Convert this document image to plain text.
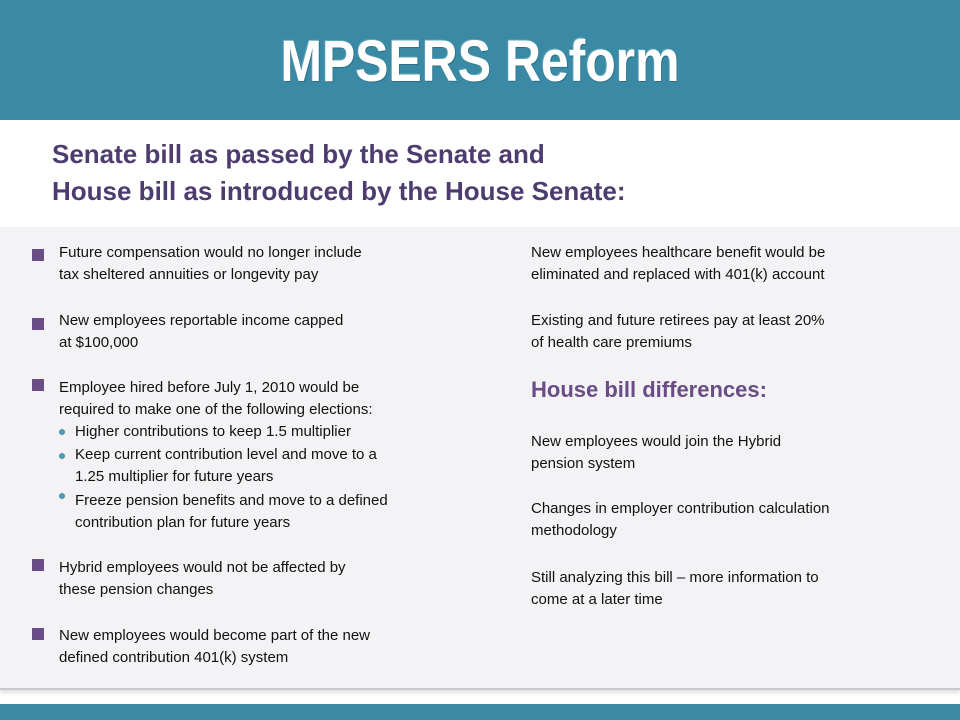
MPSERS Reform
Senate bill as passed by the Senate and
House bill as introduced by the House Senate:
Future compensation would no longer include
tax sheltered annuities or longevity pay
New employees reportable income capped
at $100,000
Employee hired before July 1, 2010 would be
required to make one of the following elections:
Higher contributions to keep 1.5 multiplier
Keep current contribution level and move to a
1.25 multiplier for future years
Freeze pension benefits and move to a defined
contribution plan for future years
Hybrid employees would not be affected by
these pension changes
New employees would become part of the new
defined contribution 401(k) system
New employees healthcare benefit would be
eliminated and replaced with 401(k) account
Existing and future retirees pay at least 20%
of health care premiums
House bill differences:
New employees would join the Hybrid
pension system
Changes in employer contribution calculation
methodology
Still analyzing this bill – more information to
come at a later time
